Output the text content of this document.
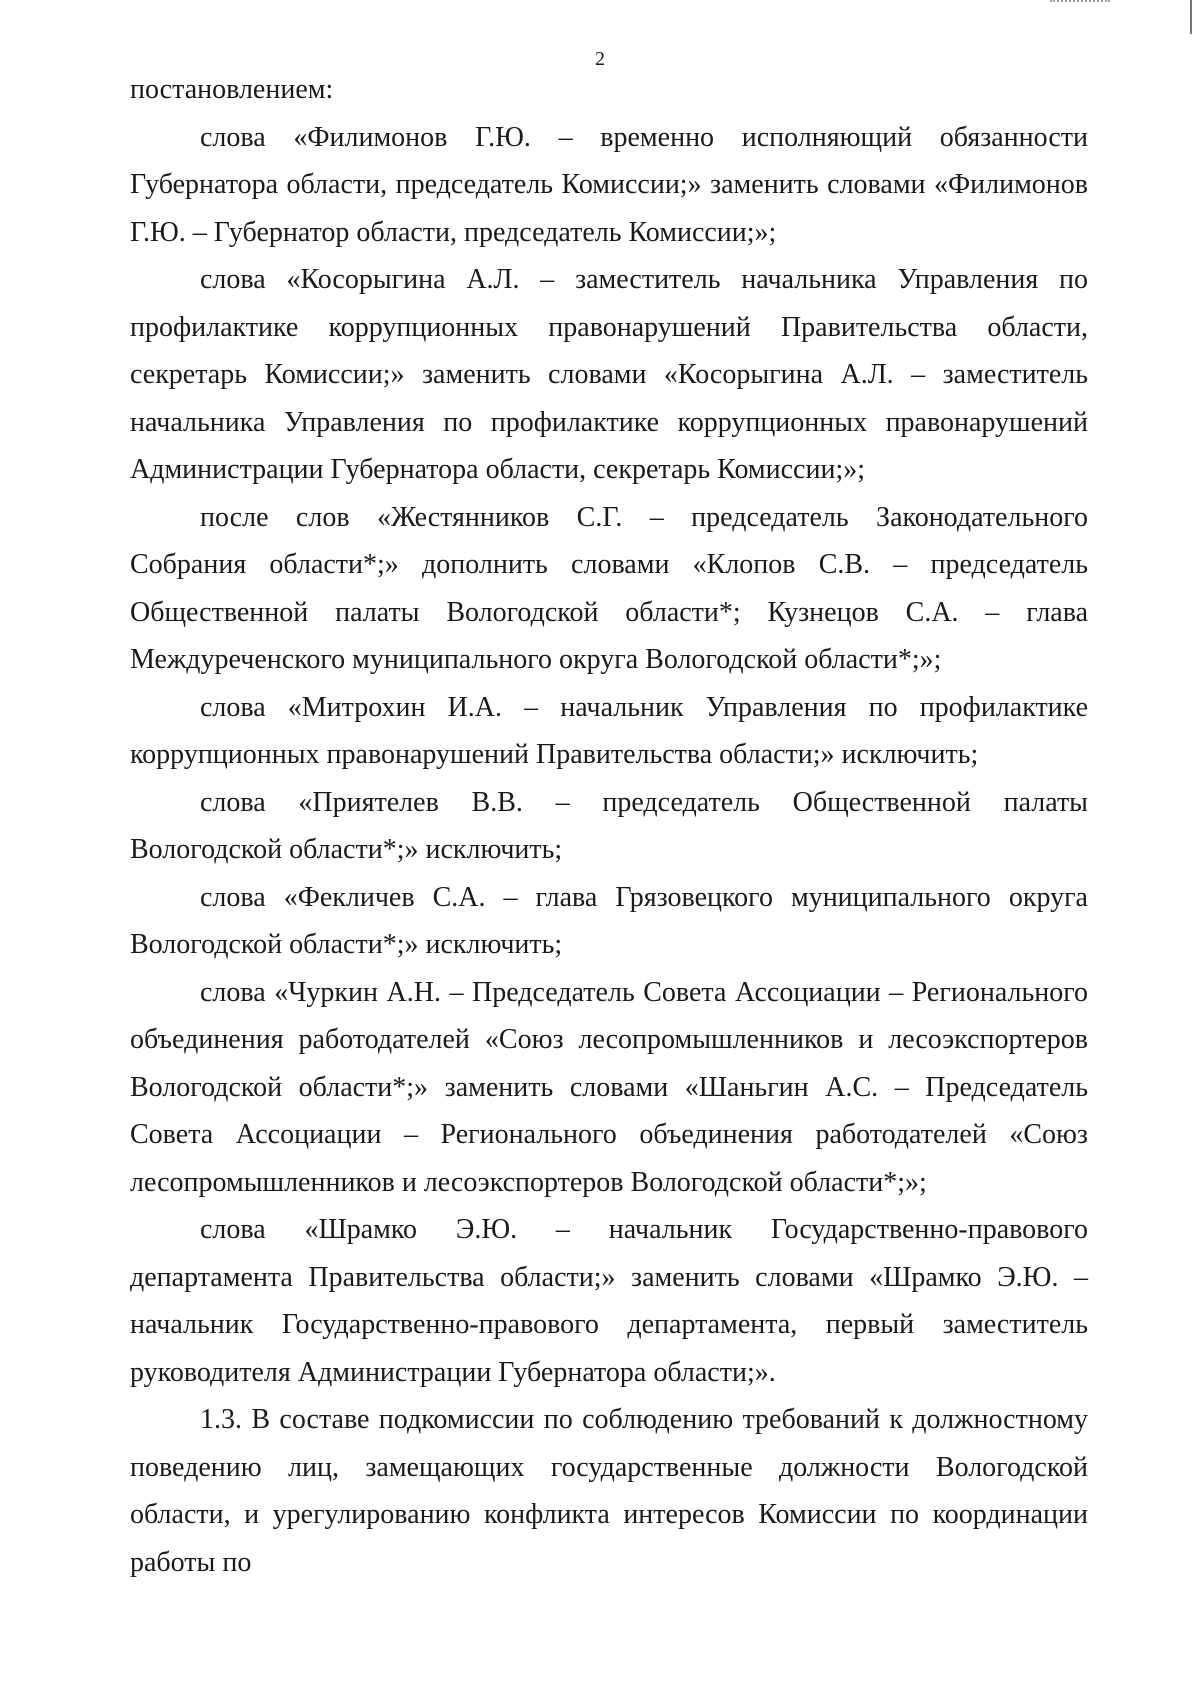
2

постановлением:

слова «Филимонов Г.Ю. – временно исполняющий обязанности Губернатора области, председатель Комиссии;» заменить словами «Филимонов Г.Ю. – Губернатор области, председатель Комиссии;»;

слова «Косорыгина А.Л. – заместитель начальника Управления по профилактике коррупционных правонарушений Правительства области, секретарь Комиссии;» заменить словами «Косорыгина А.Л. – заместитель начальника Управления по профилактике коррупционных правонарушений Администрации Губернатора области, секретарь Комиссии;»;

после слов «Жестянников С.Г. – председатель Законодательного Собрания области*;» дополнить словами «Клопов С.В. – председатель Общественной палаты Вологодской области*; Кузнецов С.А. – глава Междуреченского муниципального округа Вологодской области*;»;

слова «Митрохин И.А. – начальник Управления по профилактике коррупционных правонарушений Правительства области;» исключить;

слова «Приятелев В.В. – председатель Общественной палаты Вологодской области*;» исключить;

слова «Фекличев С.А. – глава Грязовецкого муниципального округа Вологодской области*;» исключить;

слова «Чуркин А.Н. – Председатель Совета Ассоциации – Регионального объединения работодателей «Союз лесопромышленников и лесоэкспортеров Вологодской области*;» заменить словами «Шаньгин А.С. – Председатель Совета Ассоциации – Регионального объединения работодателей «Союз лесопромышленников и лесоэкспортеров Вологодской области*;»;

слова «Шрамко Э.Ю. – начальник Государственно-правового департамента Правительства области;» заменить словами «Шрамко Э.Ю. – начальник Государственно-правового департамента, первый заместитель руководителя Администрации Губернатора области;».

1.3. В составе подкомиссии по соблюдению требований к должностному поведению лиц, замещающих государственные должности Вологодской области, и урегулированию конфликта интересов Комиссии по координации работы по
